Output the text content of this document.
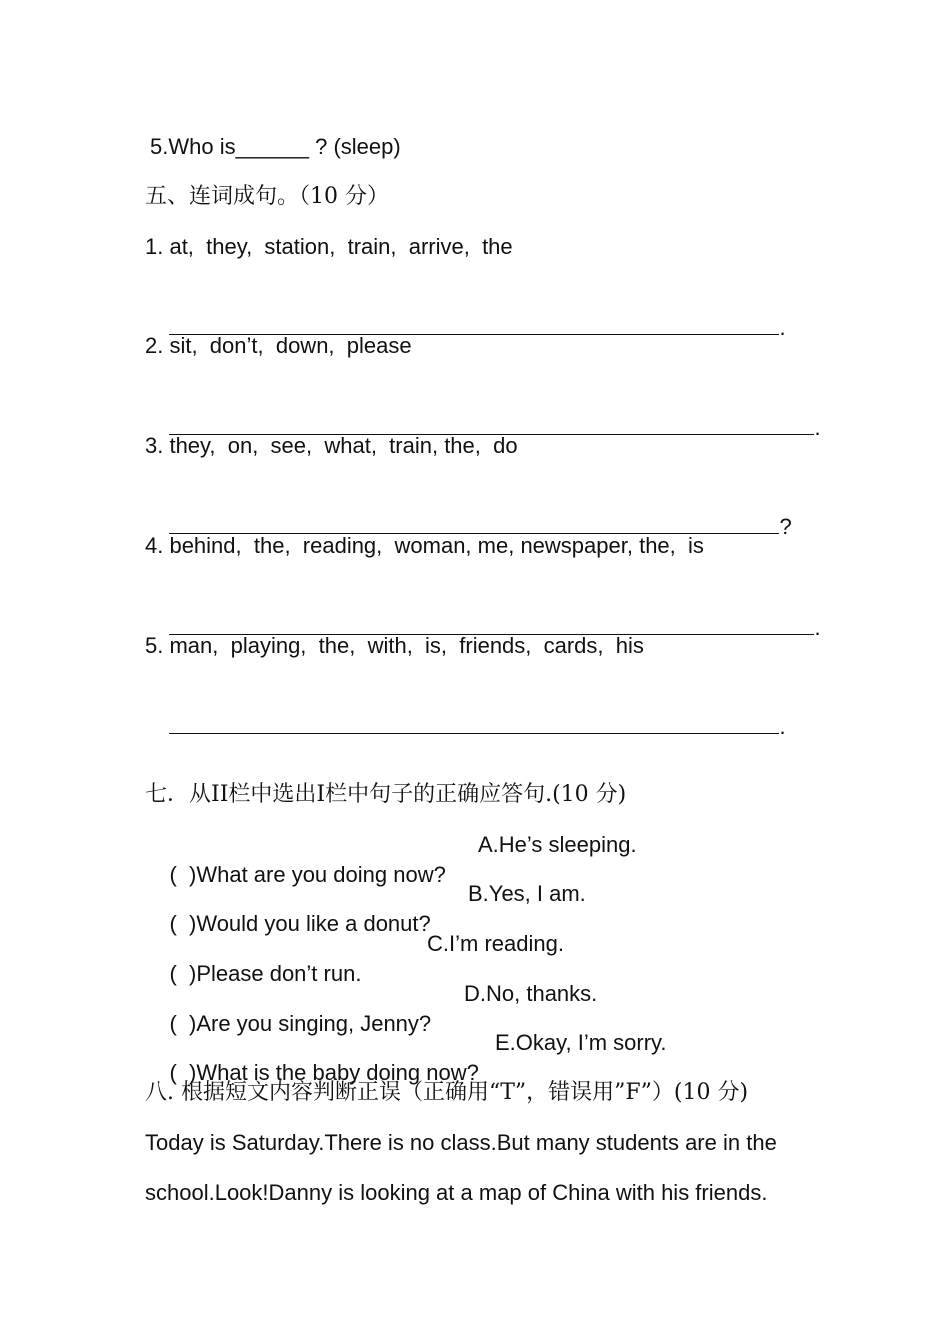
5.Who is______ ? (sleep)
五、连词成句。（10 分）
1. at,  they,  station,  train,  arrive,  the

.

2. sit,  don’t,  down,  please

.

3. they,  on,  see,  what,  train, the,  do

?

4. behind,  the,  reading,  woman, me, newspaper, the,  is

.

5. man,  playing,  the,  with,  is,  friends,  cards,  his

.

七．从II栏中选出I栏中句子的正确应答句.(10 分)

(  )What are you doing now?

A.He’s sleeping.

(  )Would you like a donut?

B.Yes, I am.

(  )Please don’t run.

C.I’m reading.

(  )Are you singing, Jenny?

D.No, thanks.

(  )What is the baby doing now?

E.Okay, I’m sorry.

八. 根据短文内容判断正误（正确用“T”，错误用”F”）(10 分)
Today is Saturday.There is no class.But many students are in the
school.Look!Danny is looking at a map of China with his friends.
